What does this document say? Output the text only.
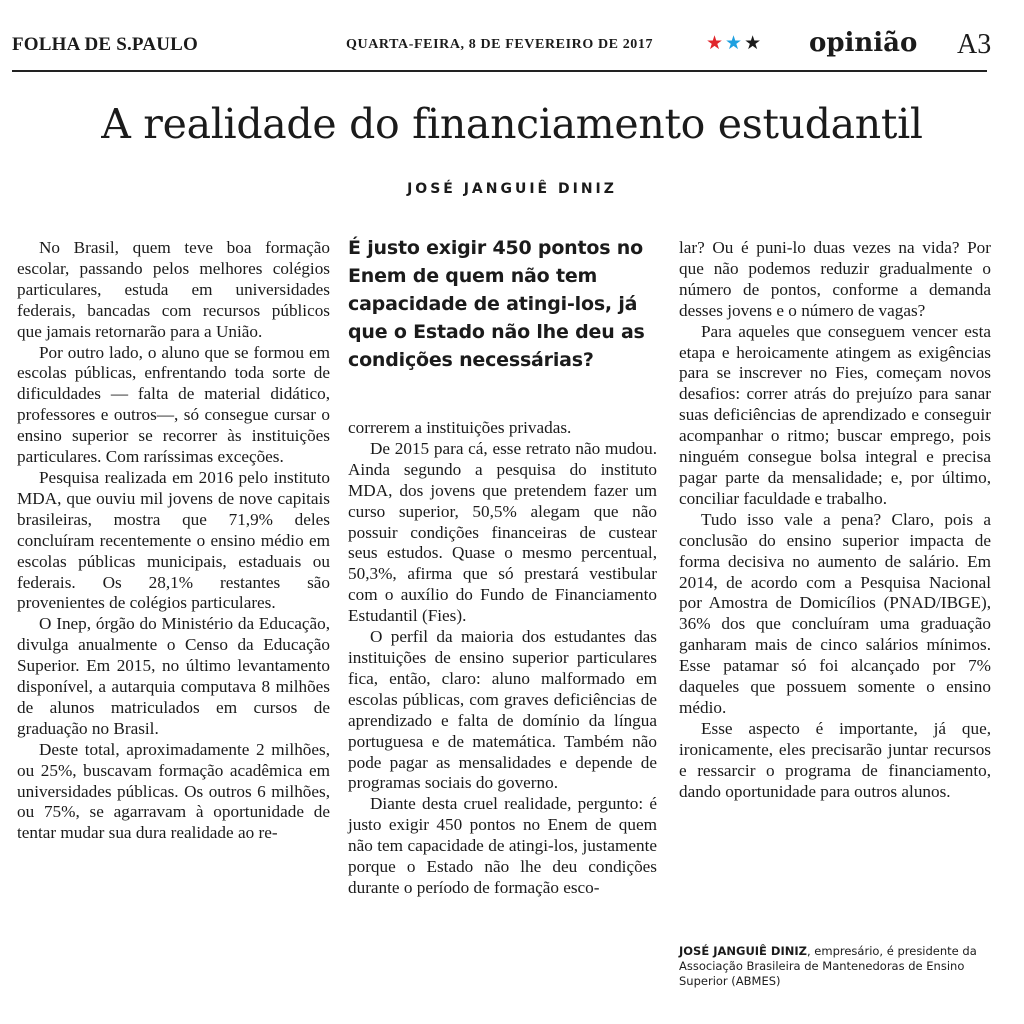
FOLHA DE S.PAULO	QUARTA-FEIRA, 8 DE FEVEREIRO DE 2017	★★★ opinião A3
A realidade do financiamento estudantil
JOSÉ JANGUIÊ DINIZ

No Brasil, quem teve boa formação escolar, passando pelos melhores colégios particulares, estuda em universidades federais, bancadas com recursos públicos que jamais retornarão para a União.

Por outro lado, o aluno que se formou em escolas públicas, enfrentando toda sorte de dificuldades — falta de material didático, professores e outros—, só consegue cursar o ensino superior se recorrer às instituições particulares. Com raríssimas exceções.

Pesquisa realizada em 2016 pelo instituto MDA, que ouviu mil jovens de nove capitais brasileiras, mostra que 71,9% deles concluíram recentemente o ensino médio em escolas públicas municipais, estaduais ou federais. Os 28,1% restantes são provenientes de colégios particulares.

O Inep, órgão do Ministério da Educação, divulga anualmente o Censo da Educação Superior. Em 2015, no último levantamento disponível, a autarquia computava 8 milhões de alunos matriculados em cursos de graduação no Brasil.

Deste total, aproximadamente 2 milhões, ou 25%, buscavam formação acadêmica em universidades públicas. Os outros 6 milhões, ou 75%, se agarravam à oportunidade de tentar mudar sua dura realidade ao re-

É justo exigir 450 pontos no Enem de quem não tem capacidade de atingi-los, já que o Estado não lhe deu as condições necessárias?

correrem a instituições privadas.

De 2015 para cá, esse retrato não mudou. Ainda segundo a pesquisa do instituto MDA, dos jovens que pretendem fazer um curso superior, 50,5% alegam que não possuir condições financeiras de custear seus estudos. Quase o mesmo percentual, 50,3%, afirma que só prestará vestibular com o auxílio do Fundo de Financiamento Estudantil (Fies).

O perfil da maioria dos estudantes das instituições de ensino superior particulares fica, então, claro: aluno malformado em escolas públicas, com graves deficiências de aprendizado e falta de domínio da língua portuguesa e de matemática. Também não pode pagar as mensalidades e depende de programas sociais do governo.

Diante desta cruel realidade, pergunto: é justo exigir 450 pontos no Enem de quem não tem capacidade de atingi-los, justamente porque o Estado não lhe deu condições durante o período de formação esco-

lar? Ou é puni-lo duas vezes na vida? Por que não podemos reduzir gradualmente o número de pontos, conforme a demanda desses jovens e o número de vagas?

Para aqueles que conseguem vencer esta etapa e heroicamente atingem as exigências para se inscrever no Fies, começam novos desafios: correr atrás do prejuízo para sanar suas deficiências de aprendizado e conseguir acompanhar o ritmo; buscar emprego, pois ninguém consegue bolsa integral e precisa pagar parte da mensalidade; e, por último, conciliar faculdade e trabalho.

Tudo isso vale a pena? Claro, pois a conclusão do ensino superior impacta de forma decisiva no aumento de salário. Em 2014, de acordo com a Pesquisa Nacional por Amostra de Domicílios (PNAD/IBGE), 36% dos que concluíram uma graduação ganharam mais de cinco salários mínimos. Esse patamar só foi alcançado por 7% daqueles que possuem somente o ensino médio.

Esse aspecto é importante, já que, ironicamente, eles precisarão juntar recursos e ressarcir o programa de financiamento, dando oportunidade para outros alunos.

JOSÉ JANGUIÊ DINIZ, empresário, é presidente da Associação Brasileira de Mantenedoras de Ensino Superior (ABMES)
